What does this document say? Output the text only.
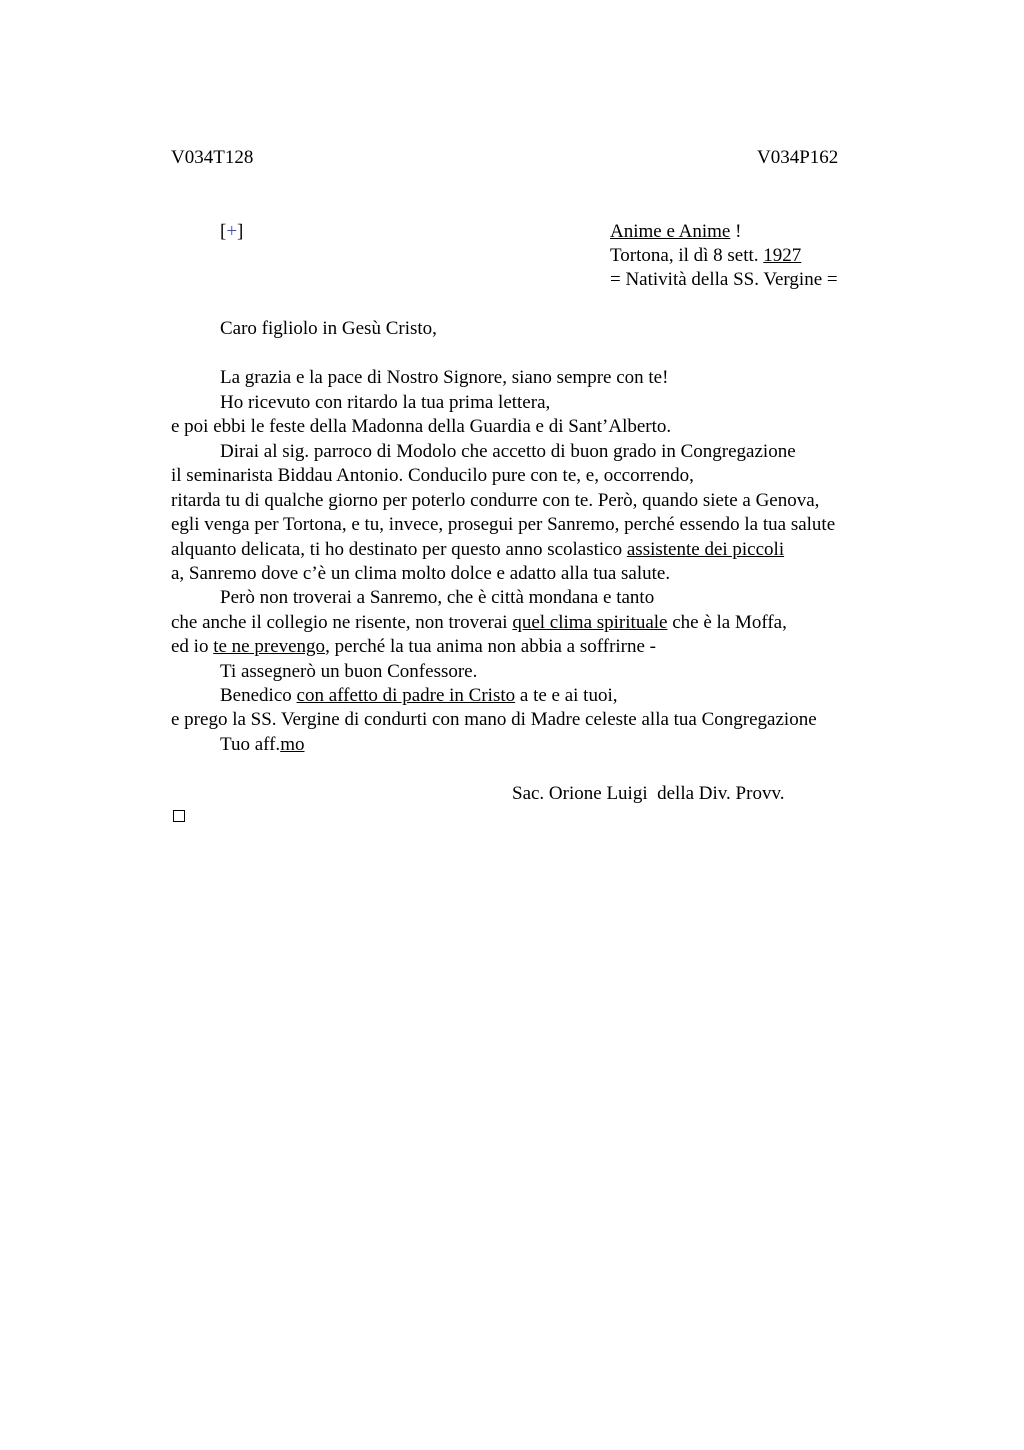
V034T128	V034P162
[+]	Anime e Anime !
Tortona, il dì 8 sett. 1927
= Natività della SS. Vergine =
Caro figliolo in Gesù Cristo,
La grazia e la pace di Nostro Signore, siano sempre con te!
Ho ricevuto con ritardo la tua prima lettera,
e poi ebbi le feste della Madonna della Guardia e di Sant’Alberto.
Dirai al sig. parroco di Modolo che accetto di buon grado in Congregazione
il seminarista Biddau Antonio. Conducilo pure con te, e, occorrendo,
ritarda tu di qualche giorno per poterlo condurre con te. Però, quando siete a Genova,
egli venga per Tortona, e tu, invece, prosegui per Sanremo, perché essendo la tua salute
alquanto delicata, ti ho destinato per questo anno scolastico assistente dei piccoli
a, Sanremo dove c’è un clima molto dolce e adatto alla tua salute.
Però non troverai a Sanremo, che è città mondana e tanto
che anche il collegio ne risente, non troverai quel clima spirituale che è la Moffa,
ed io te ne prevengo, perché la tua anima non abbia a soffrirne -
Ti assegnerò un buon Confessore.
Benedico con affetto di padre in Cristo a te e ai tuoi,
e prego la SS. Vergine di condurti con mano di Madre celeste alla tua Congregazione
Tuo aff.mo
Sac. Orione Luigi  della Div. Provv.
